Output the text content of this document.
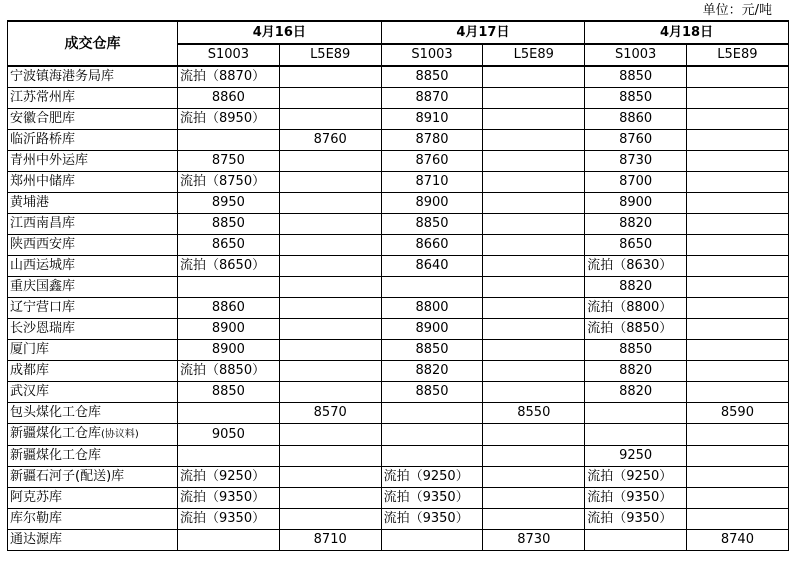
单位：元/吨
成交仓库	4月16日		4月17日		4月18日	
	S1003	L5E89	S1003	L5E89	S1003	L5E89
宁波镇海港务局库	流拍（8870）		8850		8850	
江苏常州库	8860		8870		8850	
安徽合肥库	流拍（8950）		8910		8860	
临沂路桥库		8760	8780		8760	
青州中外运库	8750		8760		8730	
郑州中储库	流拍（8750）		8710		8700	
黄埔港	8950		8900		8900	
江西南昌库	8850		8850		8820	
陕西西安库	8650		8660		8650	
山西运城库	流拍（8650）		8640		流拍（8630）	
重庆国鑫库					8820	
辽宁营口库	8860		8800		流拍（8800）	
长沙恩瑞库	8900		8900		流拍（8850）	
厦门库	8900		8850		8850	
成都库	流拍（8850）		8820		8820	
武汉库	8850		8850		8820	
包头煤化工仓库		8570		8550		8590
新疆煤化工仓库(协议料)	9050					
新疆煤化工仓库					9250	
新疆石河子(配送)库	流拍（9250）		流拍（9250）		流拍（9250）	
阿克苏库	流拍（9350）		流拍（9350）		流拍（9350）	
库尔勒库	流拍（9350）		流拍（9350）		流拍（9350）	
通达源库		8710		8730		8740
